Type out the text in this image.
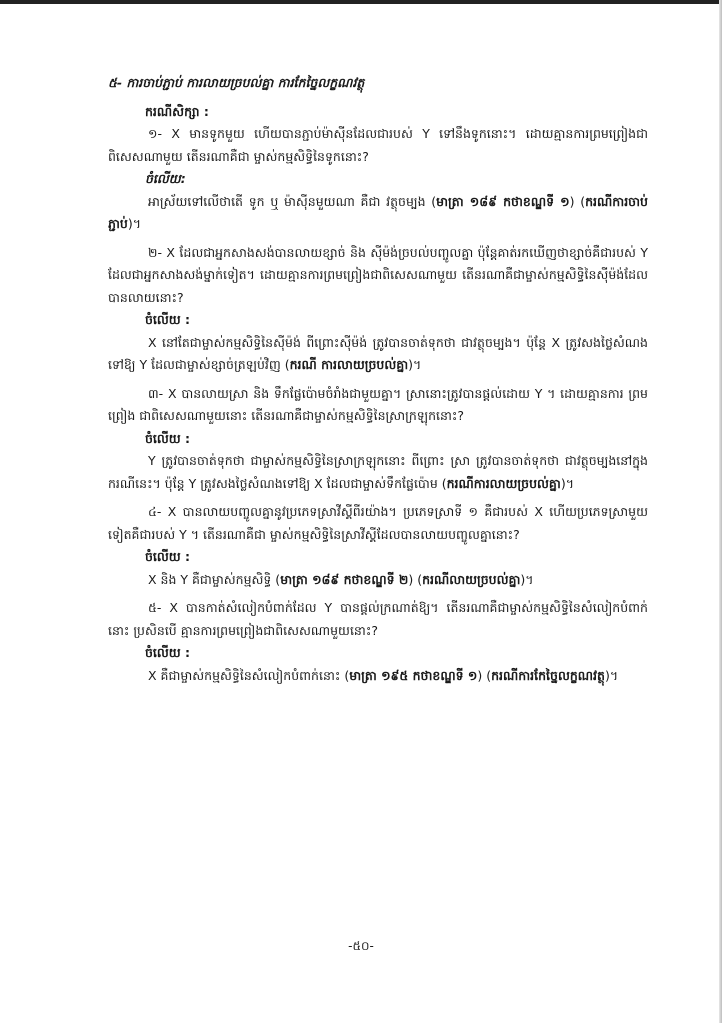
៥- ការចាប់ភ្ជាប់ ការលាយច្របល់គ្នា ការកែច្នៃលក្ខណវត្ថុ
ករណីសិក្សា :

១- X មានទូកមួយ ហើយបានភ្ជាប់ម៉ាស៊ីនដែលជារបស់ Y ទៅនឹងទូកនោះ។ ដោយគ្មានការព្រមព្រៀងជាពិសេសណាមួយ តើនរណាគឺជា ម្ចាស់កម្មសិទ្ធិនៃទូកនោះ?

ចំលើយ:

អាស្រ័យទៅលើថាតើ ទូក ឬ ម៉ាស៊ីនមួយណា គឺជា វត្ថុចម្បង (មាត្រា ១៨៩ កថាខណ្ឌទី ១) (ករណីការចាប់ភ្ជាប់)។

២- X ដែលជាអ្នកសាងសង់បានលាយខ្សាច់ និង ស៊ីម៉ង់ច្របល់បញ្ចូលគ្នា ប៉ុន្តែគាត់រកឃើញថាខ្សាច់គឺជារបស់ Y ដែលជាអ្នកសាងសង់ម្នាក់ទៀត។ ដោយគ្មានការព្រមព្រៀងជាពិសេសណាមួយ តើនរណាគឺជាម្ចាស់កម្មសិទ្ធិនៃស៊ីម៉ង់ដែលបានលាយនោះ?

ចំលើយ :

X នៅតែជាម្ចាស់កម្មសិទ្ធិនៃស៊ីម៉ង់ ពីព្រោះស៊ីម៉ង់ ត្រូវបានចាត់ទុកថា ជាវត្ថុចម្បង។ ប៉ុន្តែ X ត្រូវសងថ្លៃសំណងទៅឱ្យ Y ដែលជាម្ចាស់ខ្សាច់ត្រឡប់វិញ (ករណី ការលាយច្របល់គ្នា)។

៣- X បានលាយស្រា និង ទឹកផ្លែប៉ោមចំរាំងជាមួយគ្នា។ ស្រានោះត្រូវបានផ្ដល់ដោយ Y ។ ដោយគ្មានការ ព្រមព្រៀង ជាពិសេសណាមួយនោះ តើនរណាគឺជាម្ចាស់កម្មសិទ្ធិនៃស្រាក្រឡុកនោះ?

ចំលើយ :

Y ត្រូវបានចាត់ទុកថា ជាម្ចាស់កម្មសិទ្ធិនៃស្រាក្រឡុកនោះ ពីព្រោះ ស្រា ត្រូវបានចាត់ទុកថា ជាវត្ថុចម្បងនៅក្នុងករណីនេះ។ ប៉ុន្តែ Y ត្រូវសងថ្លៃសំណងទៅឱ្យ X ដែលជាម្ចាស់ទឹកផ្លែប៉ោម (ករណីការលាយច្របល់គ្នា)។

៤- X បានលាយបញ្ចូលគ្នានូវប្រភេទស្រាវីស្គីពីរយ៉ាង។ ប្រភេទស្រាទី ១ គឺជារបស់ X ហើយប្រភេទស្រាមួយទៀតគឺជារបស់ Y ។ តើនរណាគឺជា ម្ចាស់កម្មសិទ្ធិនៃស្រាវីស្គីដែលបានលាយបញ្ចូលគ្នានោះ?

ចំលើយ :

X និង Y គឺជាម្ចាស់កម្មសិទ្ធិ (មាត្រា ១៨៩ កថាខណ្ឌទី ២) (ករណីលាយច្របល់គ្នា)។

៥- X បានកាត់សំលៀកបំពាក់ដែល Y បានផ្ដល់ក្រណាត់ឱ្យ។ តើនរណាគឺជាម្ចាស់កម្មសិទ្ធិនៃសំលៀកបំពាក់នោះ ប្រសិនបើ គ្មានការព្រមព្រៀងជាពិសេសណាមួយនោះ?

ចំលើយ :

X គឺជាម្ចាស់កម្មសិទ្ធិនៃសំលៀកបំពាក់នោះ (មាត្រា ១៩៥ កថាខណ្ឌទី ១) (ករណីការកែច្នៃលក្ខណវត្ថុ)។

-៥០-
